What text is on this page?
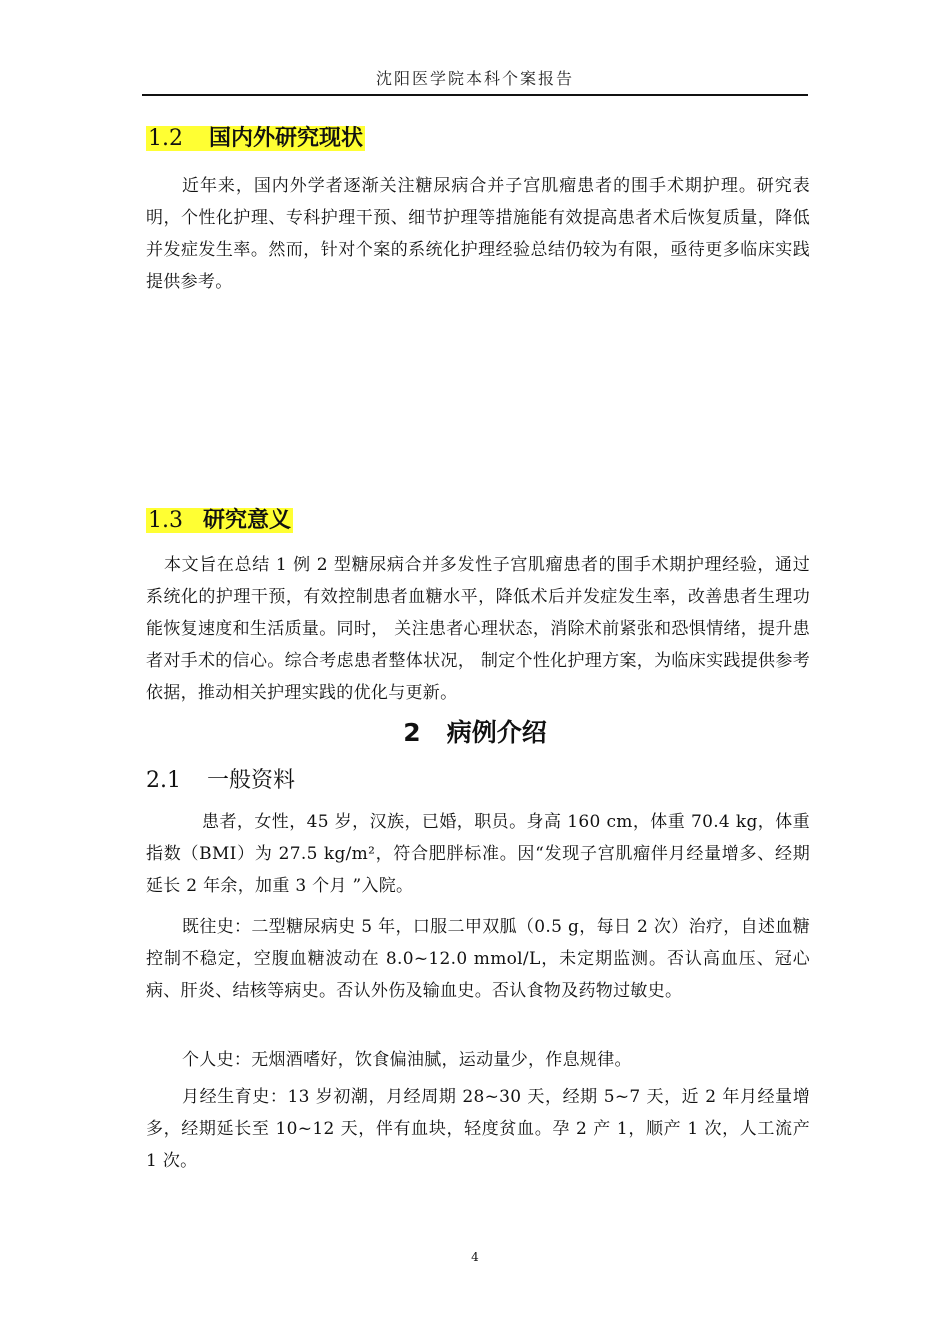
沈阳医学院本科个案报告
1.2 国内外研究现状

近年来，国内外学者逐渐关注糖尿病合并子宫肌瘤患者的围手术期护理。研究表明，个性化护理、专科护理干预、细节护理等措施能有效提高患者术后恢复质量，降低并发症发生率。然而，针对个案的系统化护理经验总结仍较为有限，亟待更多临床实践提供参考。

1.3 研究意义

本文旨在总结 1 例 2 型糖尿病合并多发性子宫肌瘤患者的围手术期护理经验，通过系统化的护理干预，有效控制患者血糖水平，降低术后并发症发生率，改善患者生理功能恢复速度和生活质量。同时， 关注患者心理状态，消除术前紧张和恐惧情绪，提升患者对手术的信心。综合考虑患者整体状况， 制定个性化护理方案，为临床实践提供参考依据，推动相关护理实践的优化与更新。

2 病例介绍
2.1 一般资料

患者，女性，45 岁，汉族，已婚，职员。身高 160 cm，体重 70.4 kg，体重指数（BMI）为 27.5 kg/m²，符合肥胖标准。因“发现子宫肌瘤伴月经量增多、经期延长 2 年余，加重 3 个月 ”入院。

既往史：二型糖尿病史 5 年，口服二甲双胍（0.5 g，每日 2 次）治疗，自述血糖控制不稳定，空腹血糖波动在 8.0~12.0 mmol/L，未定期监测。否认高血压、冠心病、肝炎、结核等病史。否认外伤及输血史。否认食物及药物过敏史。

个人史：无烟酒嗜好，饮食偏油腻，运动量少，作息规律。

月经生育史：13 岁初潮，月经周期 28~30 天，经期 5~7 天，近 2 年月经量增多，经期延长至 10~12 天，伴有血块，轻度贫血。孕 2 产 1，顺产 1 次，人工流产 1 次。

4
